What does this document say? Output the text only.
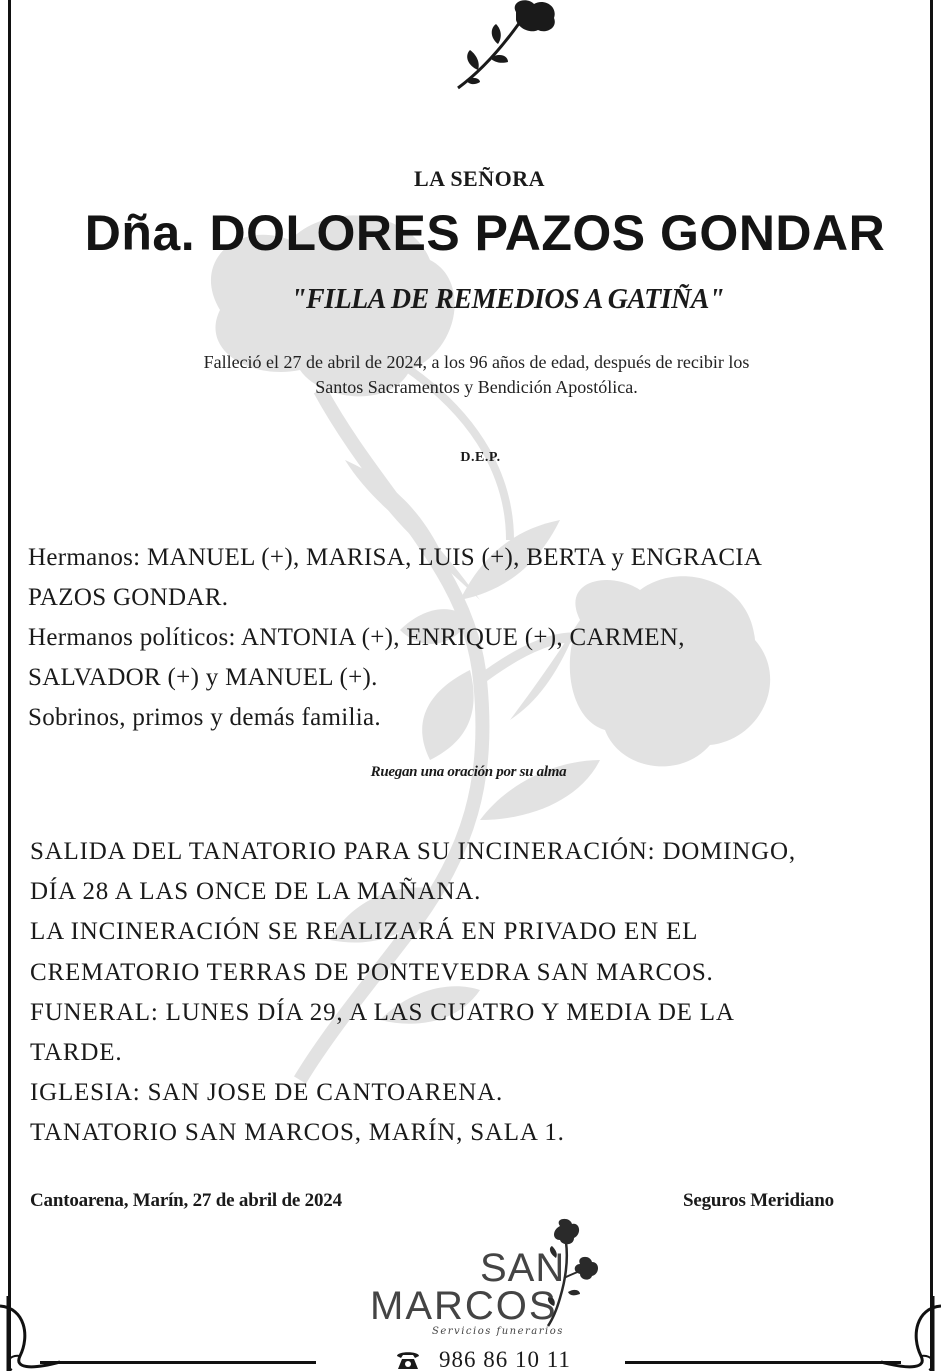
LA SEÑORA
Dña. DOLORES PAZOS GONDAR
"FILLA DE REMEDIOS A GATIÑA"
Falleció el 27 de abril de 2024, a los 96 años de edad, después de recibir los
Santos Sacramentos y Bendición Apostólica.
D.E.P.

Hermanos: MANUEL (+), MARISA, LUIS (+), BERTA y ENGRACIA

PAZOS GONDAR.

Hermanos políticos: ANTONIA (+), ENRIQUE (+), CARMEN,

SALVADOR (+) y MANUEL (+).

Sobrinos, primos y demás familia.

Ruegan una oración por su alma

SALIDA DEL TANATORIO PARA SU INCINERACIÓN: DOMINGO,

DÍA 28 A LAS ONCE DE LA MAÑANA.

LA INCINERACIÓN SE REALIZARÁ EN PRIVADO EN EL

CREMATORIO TERRAS DE PONTEVEDRA SAN MARCOS.

FUNERAL: LUNES DÍA 29, A LAS CUATRO Y MEDIA DE LA

TARDE.

IGLESIA: SAN JOSE DE CANTOARENA.

TANATORIO SAN MARCOS, MARÍN, SALA 1.

Cantoarena, Marín, 27 de abril de 2024	Seguros Meridiano
SAN
MARCOS
Servicios funerarios
986 86 10 11
